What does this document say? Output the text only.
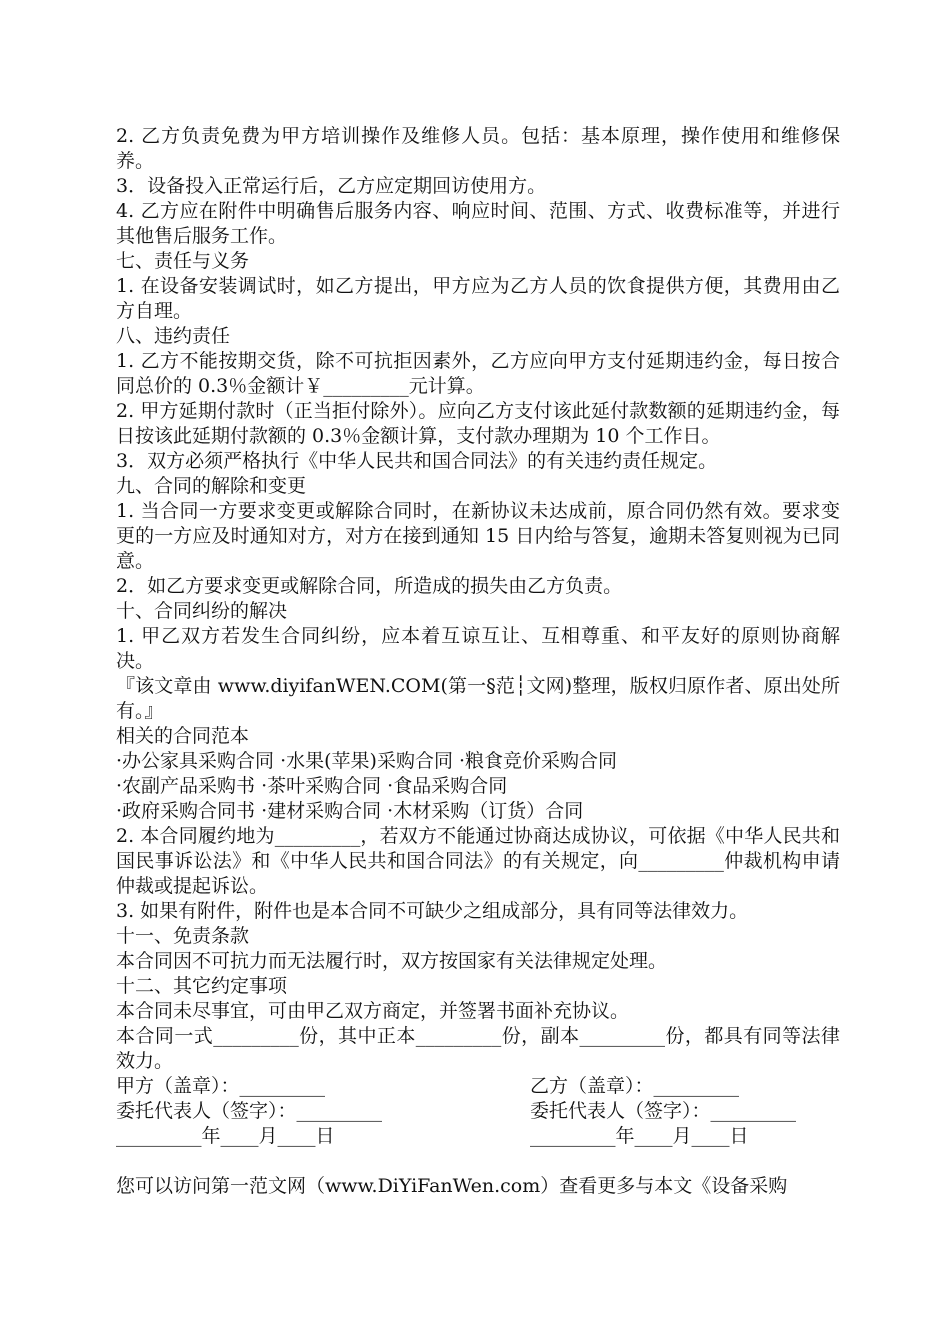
2. 乙方负责免费为甲方培训操作及维修人员。包括：基本原理，操作使用和维修保养。

3．设备投入正常运行后，乙方应定期回访使用方。

4. 乙方应在附件中明确售后服务内容、响应时间、范围、方式、收费标准等，并进行其他售后服务工作。

七、责任与义务

1. 在设备安装调试时，如乙方提出，甲方应为乙方人员的饮食提供方便，其费用由乙方自理。

八、违约责任

1. 乙方不能按期交货，除不可抗拒因素外，乙方应向甲方支付延期违约金，每日按合同总价的 0.3％金额计￥_________元计算。

2. 甲方延期付款时（正当拒付除外）。应向乙方支付该此延付款数额的延期违约金，每日按该此延期付款额的 0.3％金额计算，支付款办理期为 10 个工作日。

3．双方必须严格执行《中华人民共和国合同法》的有关违约责任规定。

九、合同的解除和变更

1. 当合同一方要求变更或解除合同时，在新协议未达成前，原合同仍然有效。要求变更的一方应及时通知对方，对方在接到通知 15 日内给与答复，逾期未答复则视为已同意。

2．如乙方要求变更或解除合同，所造成的损失由乙方负责。

十、合同纠纷的解决

1. 甲乙双方若发生合同纠纷，应本着互谅互让、互相尊重、和平友好的原则协商解决。

『该文章由 www.diyifanWEN.COM(第一§范┆文网)整理，版权归原作者、原出处所有。』

相关的合同范本

·办公家具采购合同 ·水果(苹果)采购合同 ·粮食竞价采购合同

·农副产品采购书 ·茶叶采购合同 ·食品采购合同

·政府采购合同书 ·建材采购合同 ·木材采购（订货）合同

2. 本合同履约地为_________，若双方不能通过协商达成协议，可依据《中华人民共和国民事诉讼法》和《中华人民共和国合同法》的有关规定，向_________仲裁机构申请仲裁或提起诉讼。

3. 如果有附件，附件也是本合同不可缺少之组成部分，具有同等法律效力。

十一、免责条款

本合同因不可抗力而无法履行时，双方按国家有关法律规定处理。

十二、其它约定事项

本合同未尽事宜，可由甲乙双方商定，并签署书面补充协议。

本合同一式_________份，其中正本_________份，副本_________份，都具有同等法律效力。

甲方（盖章）：_________	乙方（盖章）：_________
委托代表人（签字）：_________	委托代表人（签字）：_________
_________年____月____日	_________年____月____日

您可以访问第一范文网（www.DiYiFanWen.com）查看更多与本文《设备采购
